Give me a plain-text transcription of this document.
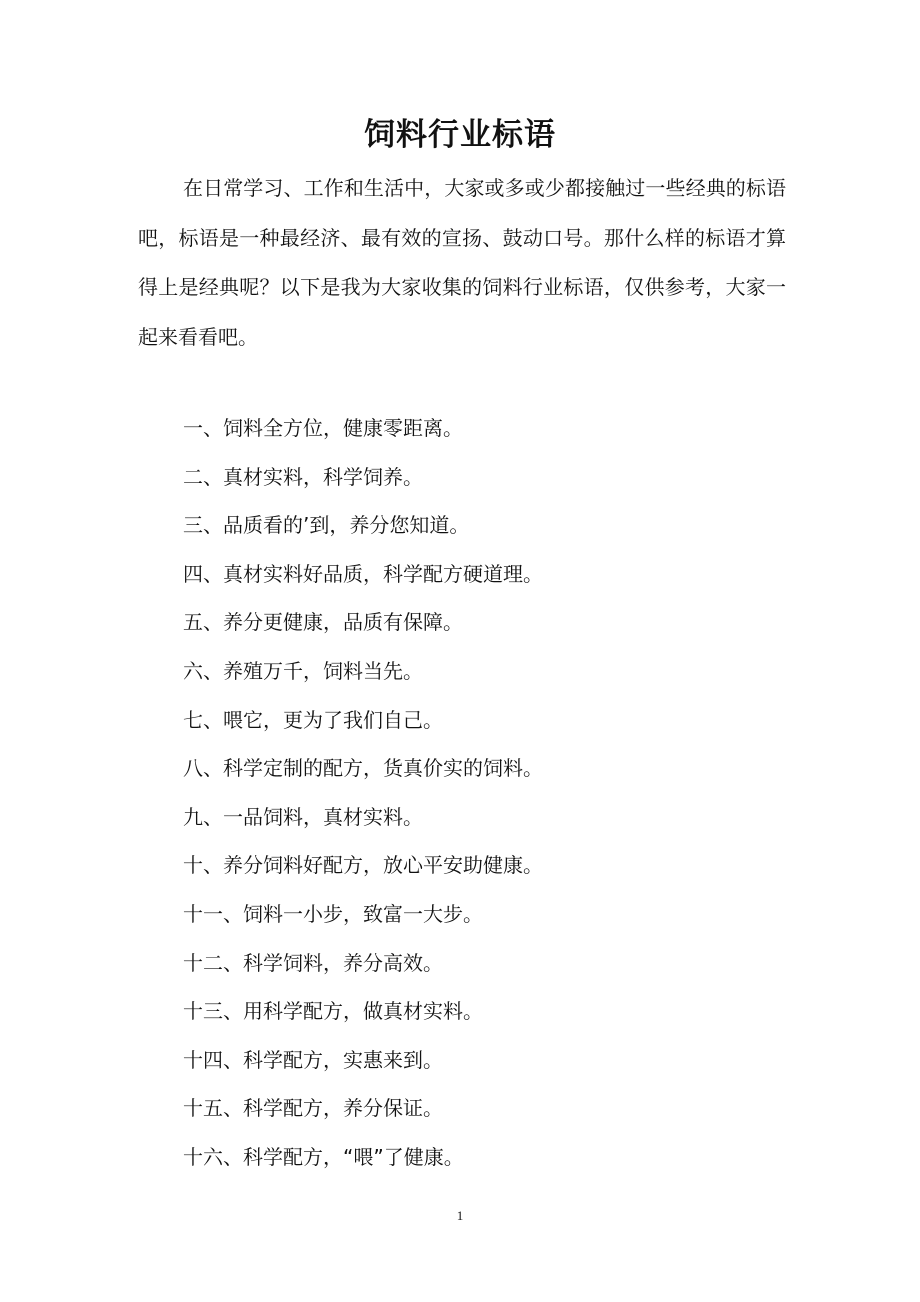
饲料行业标语
在日常学习、工作和生活中，大家或多或少都接触过一些经典的标语吧，标语是一种最经济、最有效的宣扬、鼓动口号。那什么样的标语才算得上是经典呢？以下是我为大家收集的饲料行业标语，仅供参考，大家一起来看看吧。
一、饲料全方位，健康零距离。
二、真材实料，科学饲养。
三、品质看的’到，养分您知道。
四、真材实料好品质，科学配方硬道理。
五、养分更健康，品质有保障。
六、养殖万千，饲料当先。
七、喂它，更为了我们自己。
八、科学定制的配方，货真价实的饲料。
九、一品饲料，真材实料。
十、养分饲料好配方，放心平安助健康。
十一、饲料一小步，致富一大步。
十二、科学饲料，养分高效。
十三、用科学配方，做真材实料。
十四、科学配方，实惠来到。
十五、科学配方，养分保证。
十六、科学配方，“喂”了健康。
1
